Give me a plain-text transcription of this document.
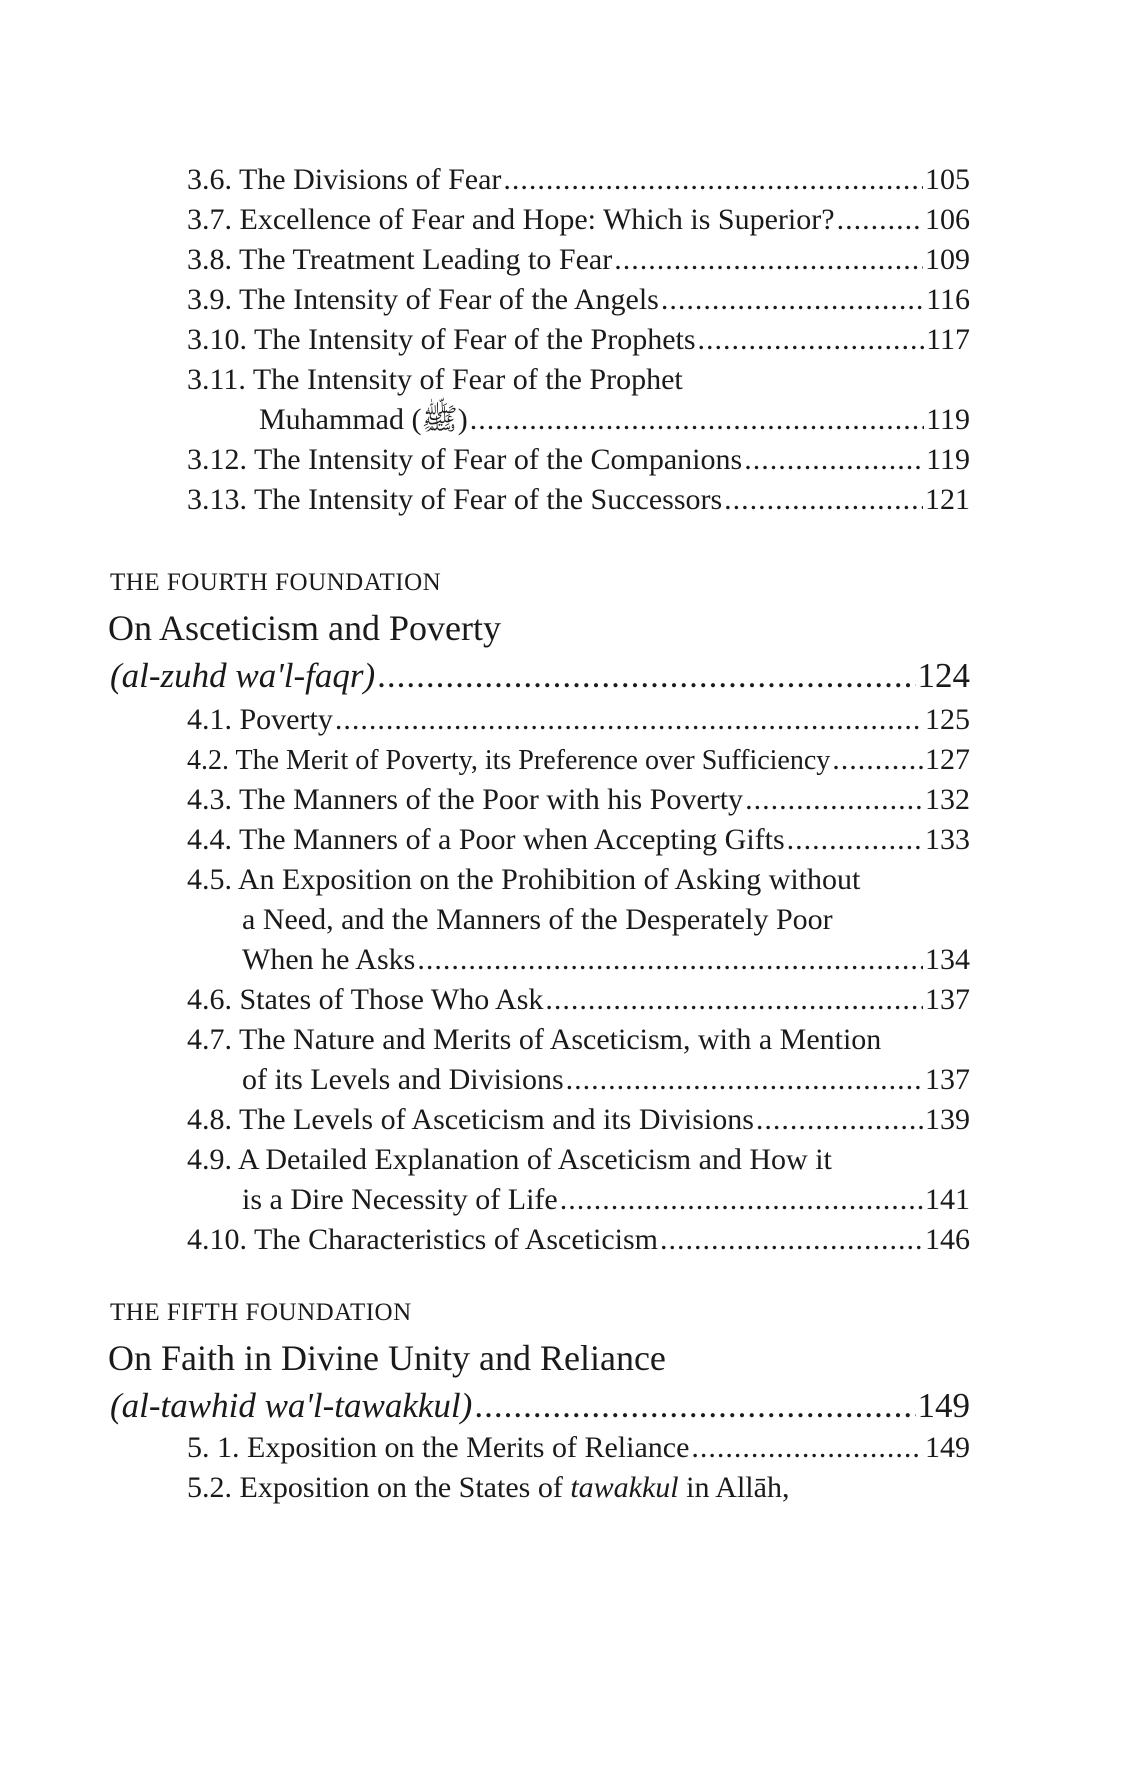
3.6. The Divisions of Fear .....	105
3.7. Excellence of Fear and Hope: Which is Superior? .....	106
3.8. The Treatment Leading to Fear .....	109
3.9. The Intensity of Fear of the Angels .....	116
3.10. The Intensity of Fear of the Prophets .....	117
3.11. The Intensity of Fear of the Prophet
Muhammad (ﷺ) .....	119
3.12. The Intensity of Fear of the Companions .....	119
3.13. The Intensity of Fear of the Successors .....	121
THE FOURTH FOUNDATION
On Asceticism and Poverty
(al-zuhd wa'l-faqr) .....	124
4.1. Poverty .....	125
4.2. The Merit of Poverty, its Preference over Sufficiency .....	127
4.3. The Manners of the Poor with his Poverty .....	132
4.4. The Manners of a Poor when Accepting Gifts .....	133
4.5. An Exposition on the Prohibition of Asking without
a Need, and the Manners of the Desperately Poor
When he Asks .....	134
4.6. States of Those Who Ask .....	137
4.7. The Nature and Merits of Asceticism, with a Mention
of its Levels and Divisions .....	137
4.8. The Levels of Asceticism and its Divisions .....	139
4.9. A Detailed Explanation of Asceticism and How it
is a Dire Necessity of Life .....	141
4.10. The Characteristics of Asceticism .....	146
THE FIFTH FOUNDATION
On Faith in Divine Unity and Reliance
(al-tawhid wa'l-tawakkul) .....	149
5. 1. Exposition on the Merits of Reliance .....	149
5.2. Exposition on the States of tawakkul in Allāh,
